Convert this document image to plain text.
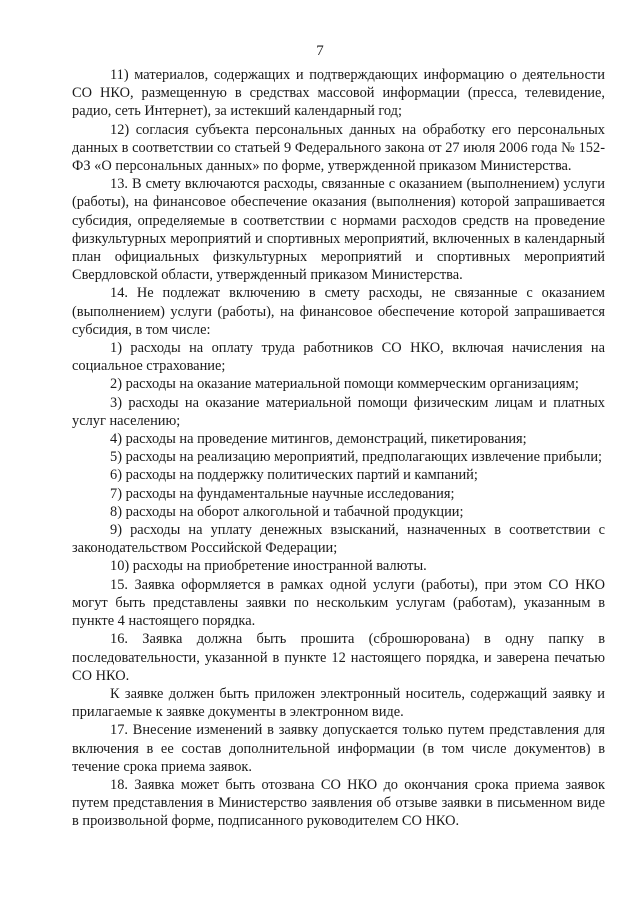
7

11) материалов, содержащих и подтверждающих информацию о деятельности СО НКО, размещенную в средствах массовой информации (пресса, телевидение, радио, сеть Интернет), за истекший календарный год;

12) согласия субъекта персональных данных на обработку его персональных данных в соответствии со статьей 9 Федерального закона от 27 июля 2006 года № 152-ФЗ «О персональных данных» по форме, утвержденной приказом Министерства.

13. В смету включаются расходы, связанные с оказанием (выполнением) услуги (работы), на финансовое обеспечение оказания (выполнения) которой запрашивается субсидия, определяемые в соответствии с нормами расходов средств на проведение физкультурных мероприятий и спортивных мероприятий, включенных в календарный план официальных физкультурных мероприятий и спортивных мероприятий Свердловской области, утвержденный приказом Министерства.

14. Не подлежат включению в смету расходы, не связанные с оказанием (выполнением) услуги (работы), на финансовое обеспечение которой запрашивается субсидия, в том числе:

1) расходы на оплату труда работников СО НКО, включая начисления на социальное страхование;

2) расходы на оказание материальной помощи коммерческим организациям;

3) расходы на оказание материальной помощи физическим лицам и платных услуг населению;

4) расходы на проведение митингов, демонстраций, пикетирования;

5) расходы на реализацию мероприятий, предполагающих извлечение прибыли;

6) расходы на поддержку политических партий и кампаний;

7) расходы на фундаментальные научные исследования;

8) расходы на оборот алкогольной и табачной продукции;

9) расходы на уплату денежных взысканий, назначенных в соответствии с законодательством Российской Федерации;

10) расходы на приобретение иностранной валюты.

15. Заявка оформляется в рамках одной услуги (работы), при этом СО НКО могут быть представлены заявки по нескольким услугам (работам), указанным в пункте 4 настоящего порядка.

16. Заявка должна быть прошита (сброшюрована) в одну папку в последовательности, указанной в пункте 12 настоящего порядка, и заверена печатью СО НКО.

К заявке должен быть приложен электронный носитель, содержащий заявку и прилагаемые к заявке документы в электронном виде.

17. Внесение изменений в заявку допускается только путем представления для включения в ее состав дополнительной информации (в том числе документов) в течение срока приема заявок.

18. Заявка может быть отозвана СО НКО до окончания срока приема заявок путем представления в Министерство заявления об отзыве заявки в письменном виде в произвольной форме, подписанного руководителем СО НКО.
